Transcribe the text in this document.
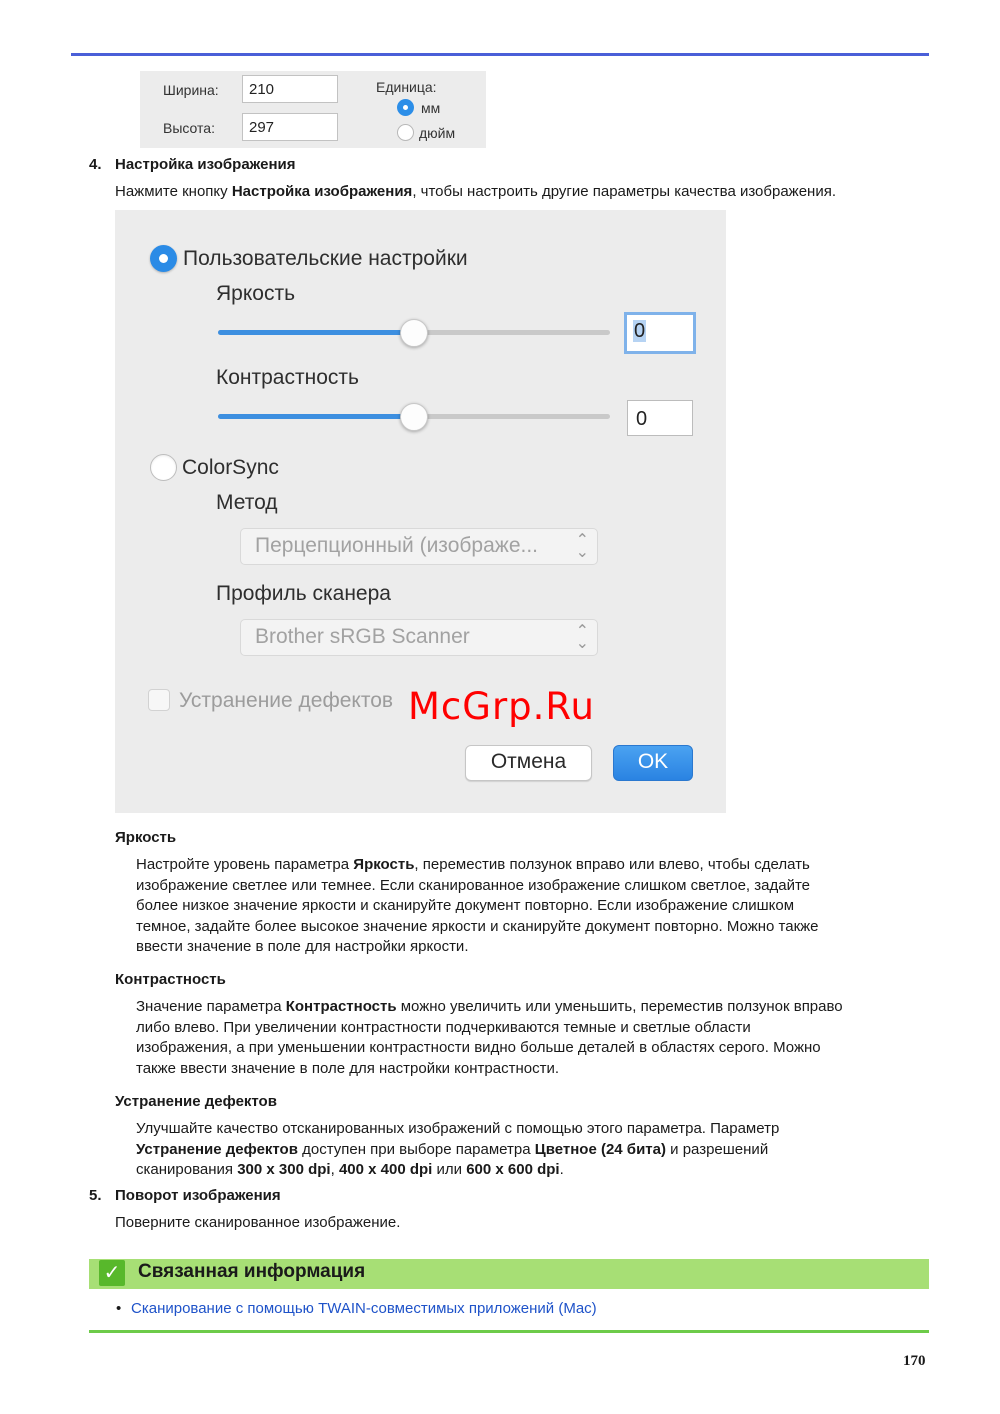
Ширина:	210
Высота:	297
Единица:
мм
дюйм
4. Настройка изображения
Нажмите кнопку Настройка изображения, чтобы настроить другие параметры качества изображения.
Пользовательские настройки
Яркость
0
Контрастность
0
ColorSync
Метод
Перцепционный (изображе... ⌃
⌄
Профиль сканера
Brother sRGB Scanner	⌃
⌄
Устранение дефектов
Отмена	OK
McGrp.Ru
Яркость
Настройте уровень параметра Яркость, переместив ползунок вправо или влево, чтобы сделать
изображение светлее или темнее. Если сканированное изображение слишком светлое, задайте
более низкое значение яркости и сканируйте документ повторно. Если изображение слишком
темное, задайте более высокое значение яркости и сканируйте документ повторно. Можно также
ввести значение в поле для настройки яркости.
Контрастность
Значение параметра Контрастность можно увеличить или уменьшить, переместив ползунок вправо
либо влево. При увеличении контрастности подчеркиваются темные и светлые области
изображения, а при уменьшении контрастности видно больше деталей в областях серого. Можно
также ввести значение в поле для настройки контрастности.
Устранение дефектов
Улучшайте качество отсканированных изображений с помощью этого параметра. Параметр
Устранение дефектов доступен при выборе параметра Цветное (24 бита) и разрешений
сканирования 300 x 300 dpi, 400 x 400 dpi или 600 x 600 dpi.
5. Поворот изображения
Поверните сканированное изображение.
✓ Связанная информация
• Сканирование с помощью TWAIN-совместимых приложений (Mac)
170
